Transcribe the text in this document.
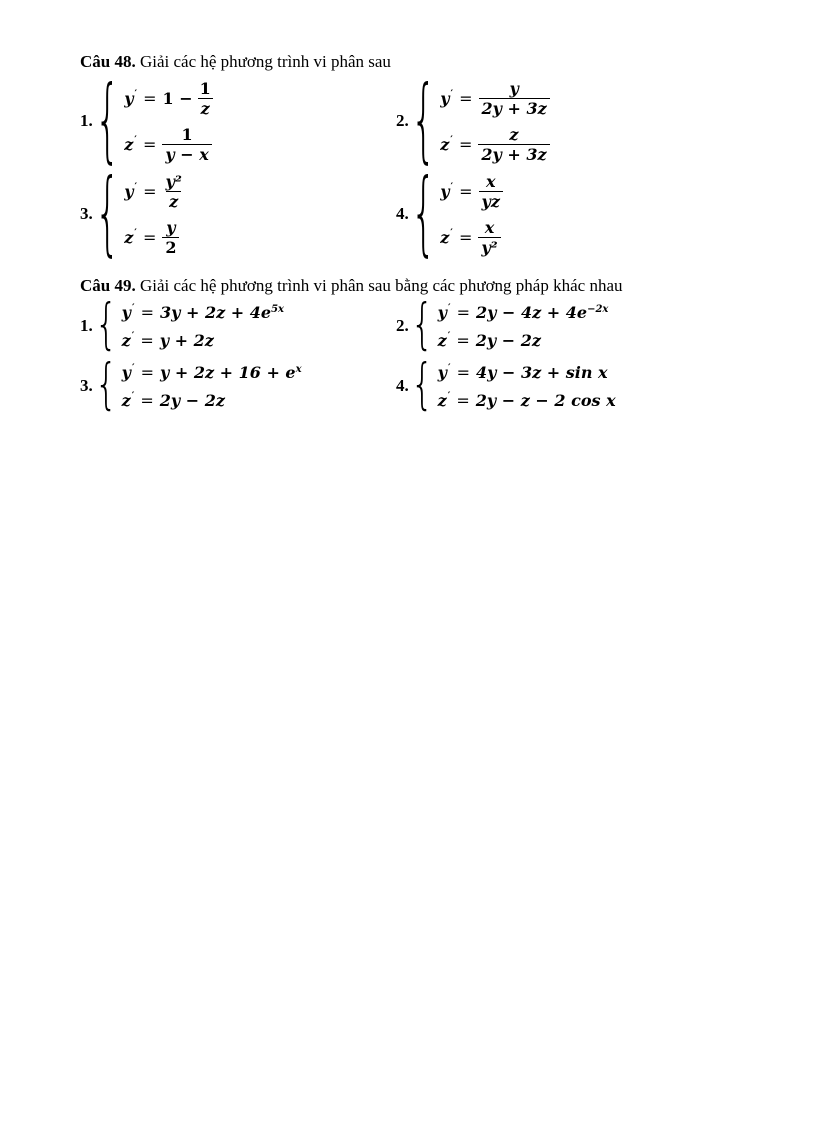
Câu 48. Giải các hệ phương trình vi phân sau
1. { y ′ = $1 - \frac{1}{z}$
z ′ = $\frac{1}{y - x}$
2. { y ′ = $\frac{y}{2y + 3z}$
z ′ = $\frac{z}{2y + 3z}$
3. { y ′ = $\frac{\text{y²}}{z}$
z ′ = $\frac{y}{2}$
4. { y ′ = $\frac{x}{yz}$
z ′ = $\frac{x}{\text{y²}}$
Câu 49. Giải các hệ phương trình vi phân sau bằng các phương pháp khác nhau
1. { y ′ = $3y + 2z + 4e^{5x}$
z ′ = y + 2z
2. { y ′ = $2y - 4z + 4e^{-2x}$
z ′ = 2y − 2z
3. { y ′ = $y + 2z + 16 + e^x$
z ′ = 2y − 2z
4. { y ′ = 4y − 3z + sin x
z ′ = 2y − z − 2 cos x
